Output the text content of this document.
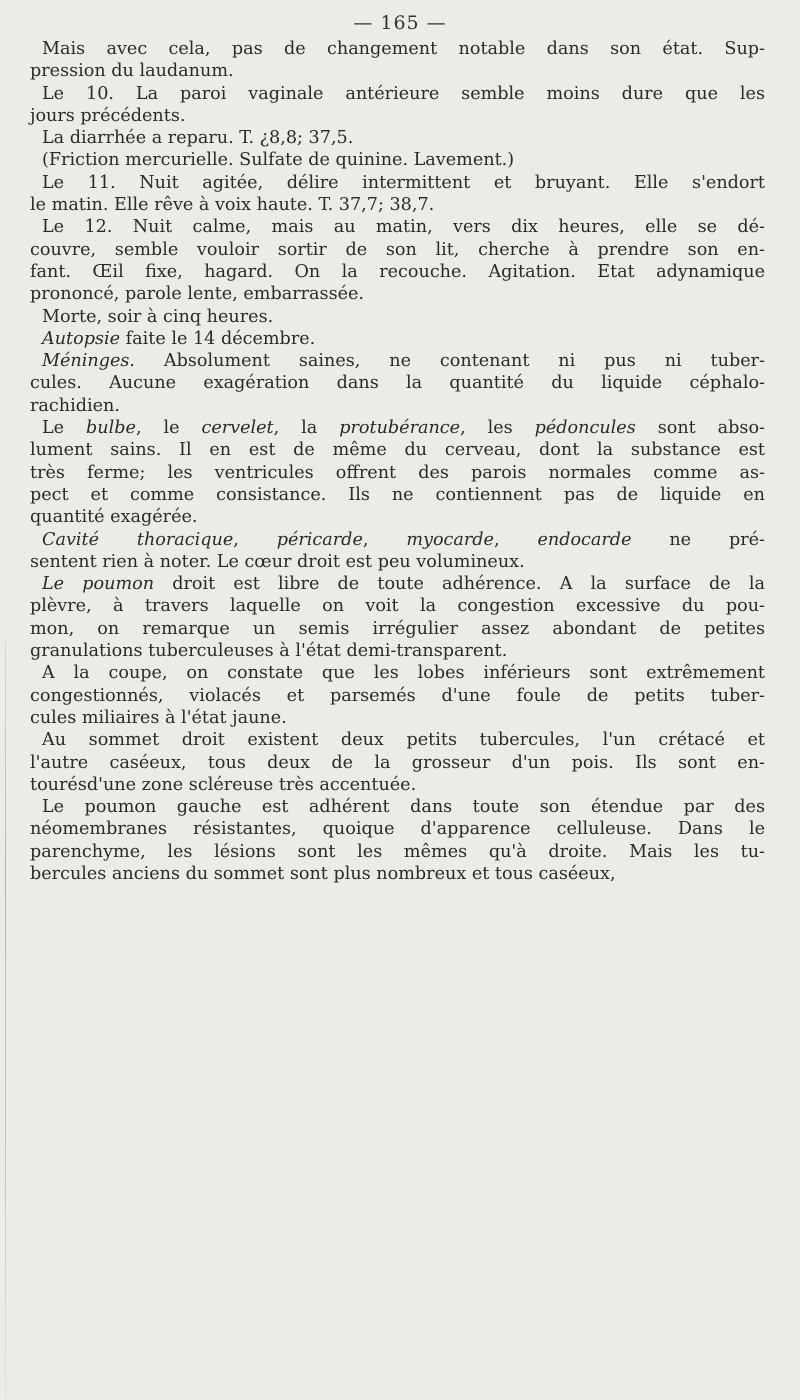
— 165 —
Mais avec cela, pas de changement notable dans son état. Sup-
pression du laudanum.
Le 10. La paroi vaginale antérieure semble moins dure que les
jours précédents.
La diarrhée a reparu. T. ¿8,8; 37,5.
(Friction mercurielle. Sulfate de quinine. Lavement.)
Le 11. Nuit agitée, délire intermittent et bruyant. Elle s'endort
le matin. Elle rêve à voix haute. T. 37,7; 38,7.
Le 12. Nuit calme, mais au matin, vers dix heures, elle se dé-
couvre, semble vouloir sortir de son lit, cherche à prendre son en-
fant. Œil fixe, hagard. On la recouche. Agitation. Etat adynamique
prononcé, parole lente, embarrassée.
Morte, soir à cinq heures.
Autopsie faite le 14 décembre.
Méninges. Absolument saines, ne contenant ni pus ni tuber-
cules. Aucune exagération dans la quantité du liquide céphalo-
rachidien.
Le bulbe, le cervelet, la protubérance, les pédoncules sont abso-
lument sains. Il en est de même du cerveau, dont la substance est
très ferme; les ventricules offrent des parois normales comme as-
pect et comme consistance. Ils ne contiennent pas de liquide en
quantité exagérée.
Cavité thoracique, péricarde, myocarde, endocarde ne pré-
sentent rien à noter. Le cœur droit est peu volumineux.
Le poumon droit est libre de toute adhérence. A la surface de la
plèvre, à travers laquelle on voit la congestion excessive du pou-
mon, on remarque un semis irrégulier assez abondant de petites
granulations tuberculeuses à l'état demi-transparent.
A la coupe, on constate que les lobes inférieurs sont extrêmement
congestionnés, violacés et parsemés d'une foule de petits tuber-
cules miliaires à l'état jaune.
Au sommet droit existent deux petits tubercules, l'un crétacé et
l'autre caséeux, tous deux de la grosseur d'un pois. Ils sont en-
tourésd'une zone scléreuse très accentuée.
Le poumon gauche est adhérent dans toute son étendue par des
néomembranes résistantes, quoique d'apparence celluleuse. Dans le
parenchyme, les lésions sont les mêmes qu'à droite. Mais les tu-
bercules anciens du sommet sont plus nombreux et tous caséeux,
